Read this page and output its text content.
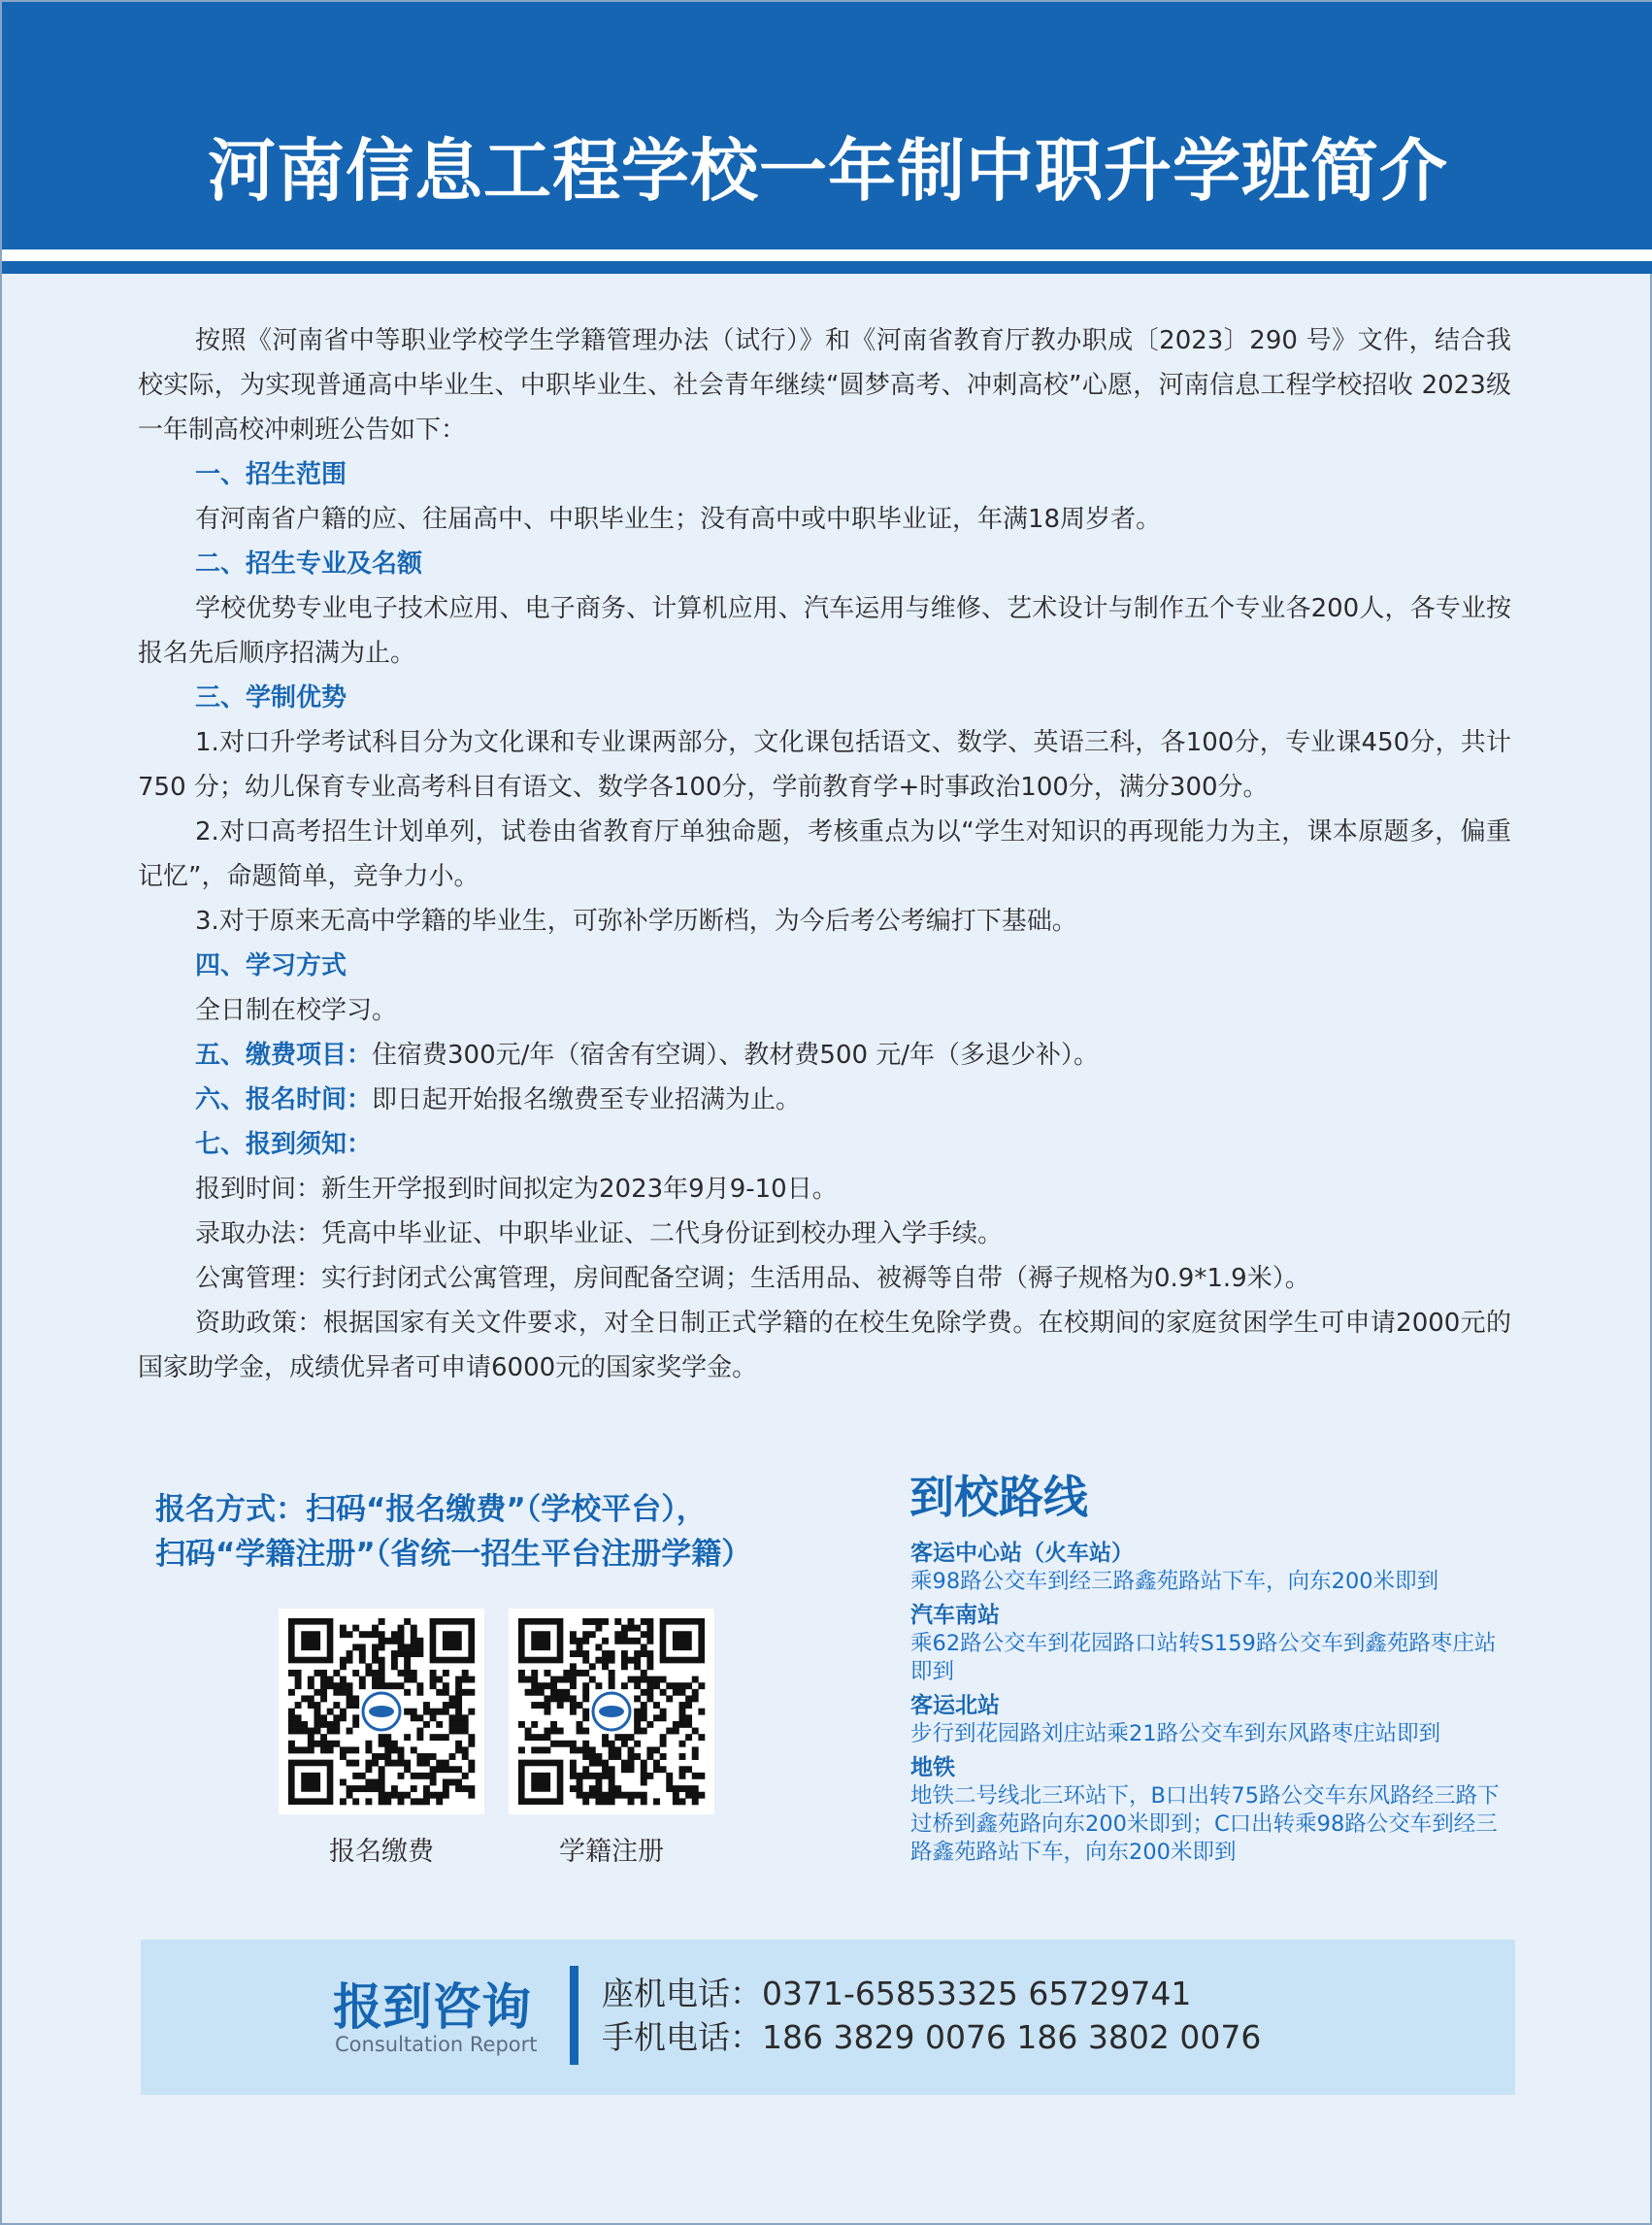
河南信息工程学校一年制中职升学班简介

按照《河南省中等职业学校学生学籍管理办法（试行）》和《河南省教育厅教办职成〔2023〕290 号》文件，结合我校实际，为实现普通高中毕业生、中职毕业生、社会青年继续“圆梦高考、冲刺高校”心愿，河南信息工程学校招收 2023级一年制高校冲刺班公告如下：

一、招生范围

有河南省户籍的应、往届高中、中职毕业生；没有高中或中职毕业证，年满18周岁者。

二、招生专业及名额

学校优势专业电子技术应用、电子商务、计算机应用、汽车运用与维修、艺术设计与制作五个专业各200人，各专业按报名先后顺序招满为止。

三、学制优势

1.对口升学考试科目分为文化课和专业课两部分，文化课包括语文、数学、英语三科，各100分，专业课450分，共计750 分；幼儿保育专业高考科目有语文、数学各100分，学前教育学+时事政治100分，满分300分。

2.对口高考招生计划单列，试卷由省教育厅单独命题，考核重点为以“学生对知识的再现能力为主，课本原题多，偏重记忆”，命题简单，竞争力小。

3.对于原来无高中学籍的毕业生，可弥补学历断档，为今后考公考编打下基础。

四、学习方式

全日制在校学习。

五、缴费项目：住宿费300元/年（宿舍有空调）、教材费500 元/年（多退少补）。

六、报名时间：即日起开始报名缴费至专业招满为止。

七、报到须知：

报到时间：新生开学报到时间拟定为2023年9月9-10日。

录取办法：凭高中毕业证、中职毕业证、二代身份证到校办理入学手续。

公寓管理：实行封闭式公寓管理，房间配备空调；生活用品、被褥等自带（褥子规格为0.9*1.9米）。

资助政策：根据国家有关文件要求，对全日制正式学籍的在校生免除学费。在校期间的家庭贫困学生可申请2000元的国家助学金，成绩优异者可申请6000元的国家奖学金。

报名方式：扫码“报名缴费”（学校平台），
扫码“学籍注册”（省统一招生平台注册学籍）
报名缴费	学籍注册
到校路线
客运中心站（火车站）

乘98路公交车到经三路鑫苑路站下车，向东200米即到

汽车南站

乘62路公交车到花园路口站转S159路公交车到鑫苑路枣庄站即到

客运北站

步行到花园路刘庄站乘21路公交车到东风路枣庄站即到

地铁

地铁二号线北三环站下，B口出转75路公交车东风路经三路下过桥到鑫苑路向东200米即到；C口出转乘98路公交车到经三路鑫苑路站下车，向东200米即到

报到咨询
Consultation Report
座机电话：0371-65853325 65729741
手机电话：186 3829 0076 186 3802 0076
